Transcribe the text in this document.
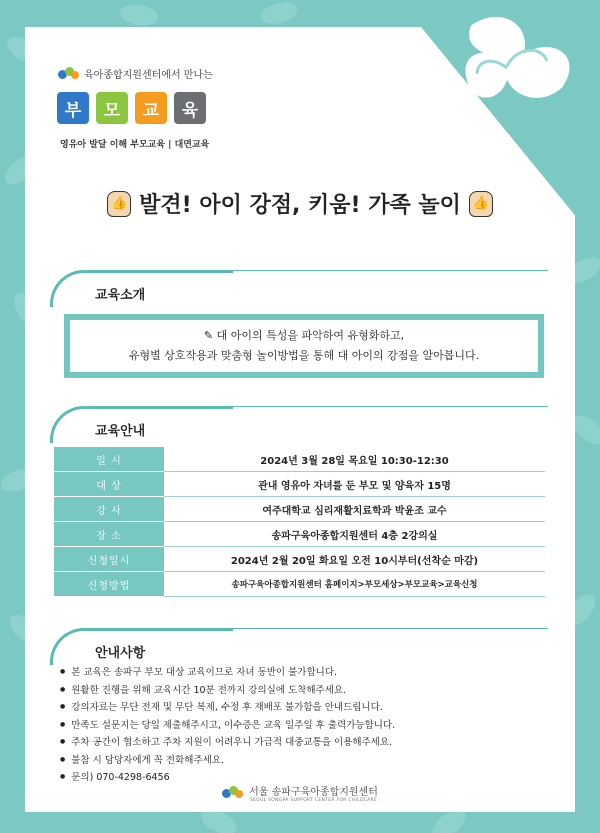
육아종합지원센터에서 만나는
부	모	교	육
영유아 발달 이해 부모교육 | 대면교육
👍 발견! 아이 강점, 키움! 가족 놀이 👍
교육소개
✎ 대 아이의 특성을 파악하여 유형화하고,
유형별 상호작용과 맞춤형 놀이방법을 통해 대 아이의 강점을 알아봅니다.
교육안내
일 시	2024년 3월 28일 목요일 10:30-12:30
대 상	관내 영유아 자녀를 둔 부모 및 양육자 15명
강 사	여주대학교 심리재활치료학과 박윤조 교수
장 소	송파구육아종합지원센터 4층 2강의실
신청일시	2024년 2월 20일 화요일 오전 10시부터(선착순 마감)
신청방법	송파구육아종합지원센터 홈페이지>부모세상>부모교육>교육신청
안내사항
● 본 교육은 송파구 부모 대상 교육이므로 자녀 동반이 불가합니다.
● 원활한 진행을 위해 교육시간 10분 전까지 강의실에 도착해주세요.
● 강의자료는 무단 전재 및 무단 복제, 수정 후 재배포 불가함을 안내드립니다.
● 만족도 설문지는 당일 제출해주시고, 이수증은 교육 일주일 후 출력가능합니다.
● 주차 공간이 협소하고 주차 지원이 어려우니 가급적 대중교통을 이용해주세요.
● 불참 시 담당자에게 꼭 전화해주세요.
● 문의) 070-4298-6456
서울 송파구육아종합지원센터
SEOUL SONGPA SUPPORT CENTER FOR CHILDCARE
